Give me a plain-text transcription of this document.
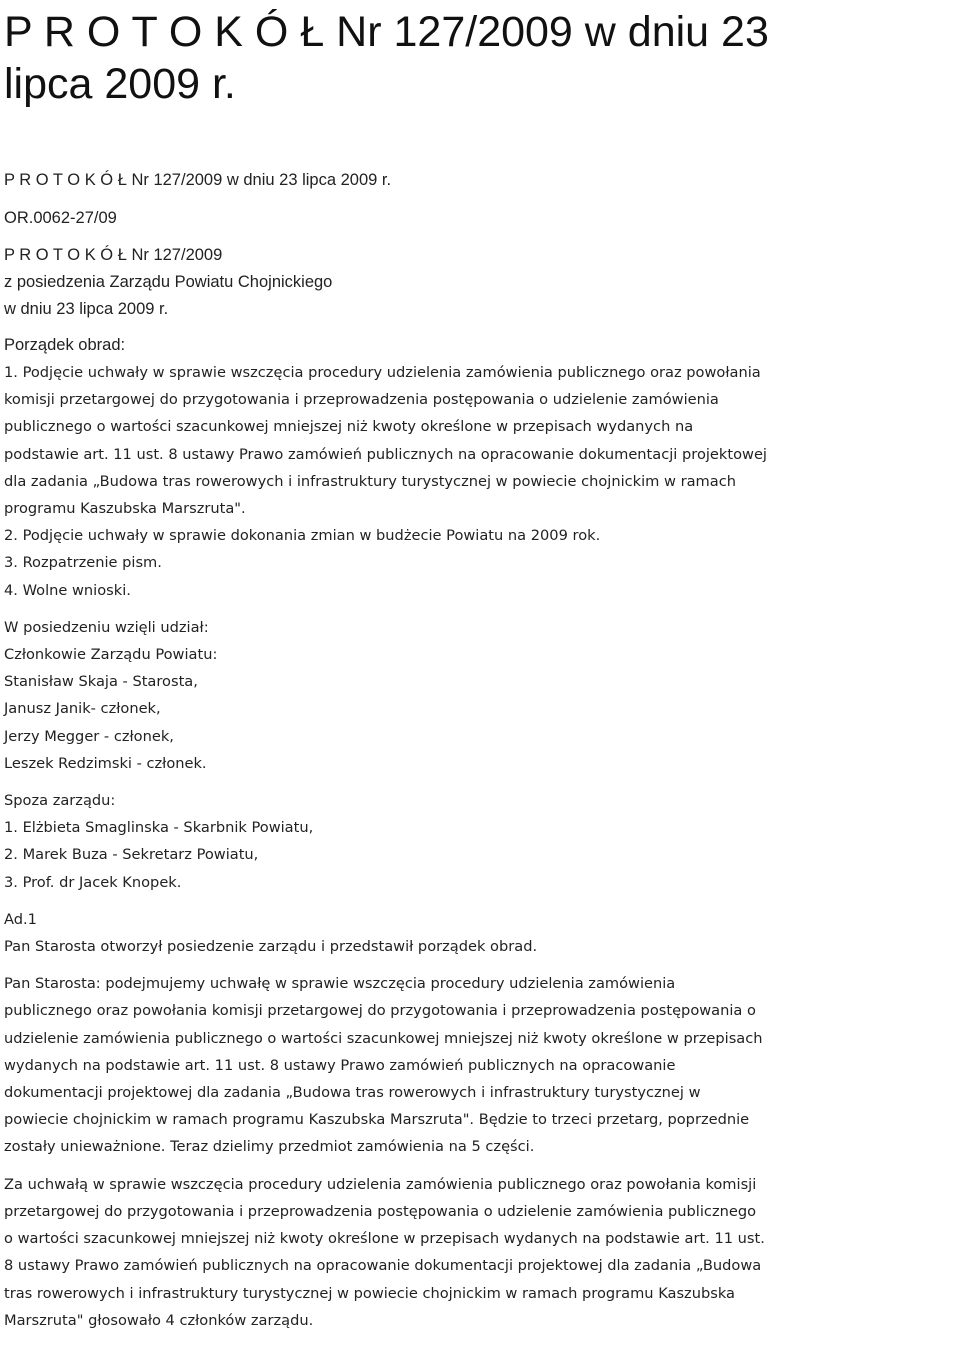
P R O T O K Ó Ł Nr 127/2009 w dniu 23
lipca 2009 r.
P R O T O K Ó Ł Nr 127/2009 w dniu 23 lipca 2009 r.
OR.0062-27/09
P R O T O K Ó Ł Nr 127/2009
z posiedzenia Zarządu Powiatu Chojnickiego
w dniu 23 lipca 2009 r.
Porządek obrad:
1. Podjęcie uchwały w sprawie wszczęcia procedury udzielenia zamówienia publicznego oraz powołania
komisji przetargowej do przygotowania i przeprowadzenia postępowania o udzielenie zamówienia
publicznego o wartości szacunkowej mniejszej niż kwoty określone w przepisach wydanych na
podstawie art. 11 ust. 8 ustawy Prawo zamówień publicznych na opracowanie dokumentacji projektowej
dla zadania „Budowa tras rowerowych i infrastruktury turystycznej w powiecie chojnickim w ramach
programu Kaszubska Marszruta".
2. Podjęcie uchwały w sprawie dokonania zmian w budżecie Powiatu na 2009 rok.
3. Rozpatrzenie pism.
4. Wolne wnioski.
W posiedzeniu wzięli udział:
Członkowie Zarządu Powiatu:
Stanisław Skaja - Starosta,
Janusz Janik- członek,
Jerzy Megger - członek,
Leszek Redzimski - członek.
Spoza zarządu:
1. Elżbieta Smaglinska - Skarbnik Powiatu,
2. Marek Buza - Sekretarz Powiatu,
3. Prof. dr Jacek Knopek.
Ad.1
Pan Starosta otworzył posiedzenie zarządu i przedstawił porządek obrad.
Pan Starosta: podejmujemy uchwałę w sprawie wszczęcia procedury udzielenia zamówienia
publicznego oraz powołania komisji przetargowej do przygotowania i przeprowadzenia postępowania o
udzielenie zamówienia publicznego o wartości szacunkowej mniejszej niż kwoty określone w przepisach
wydanych na podstawie art. 11 ust. 8 ustawy Prawo zamówień publicznych na opracowanie
dokumentacji projektowej dla zadania „Budowa tras rowerowych i infrastruktury turystycznej w
powiecie chojnickim w ramach programu Kaszubska Marszruta". Będzie to trzeci przetarg, poprzednie
zostały unieważnione. Teraz dzielimy przedmiot zamówienia na 5 części.
Za uchwałą w sprawie wszczęcia procedury udzielenia zamówienia publicznego oraz powołania komisji
przetargowej do przygotowania i przeprowadzenia postępowania o udzielenie zamówienia publicznego
o wartości szacunkowej mniejszej niż kwoty określone w przepisach wydanych na podstawie art. 11 ust.
8 ustawy Prawo zamówień publicznych na opracowanie dokumentacji projektowej dla zadania „Budowa
tras rowerowych i infrastruktury turystycznej w powiecie chojnickim w ramach programu Kaszubska
Marszruta" głosowało 4 członków zarządu.
